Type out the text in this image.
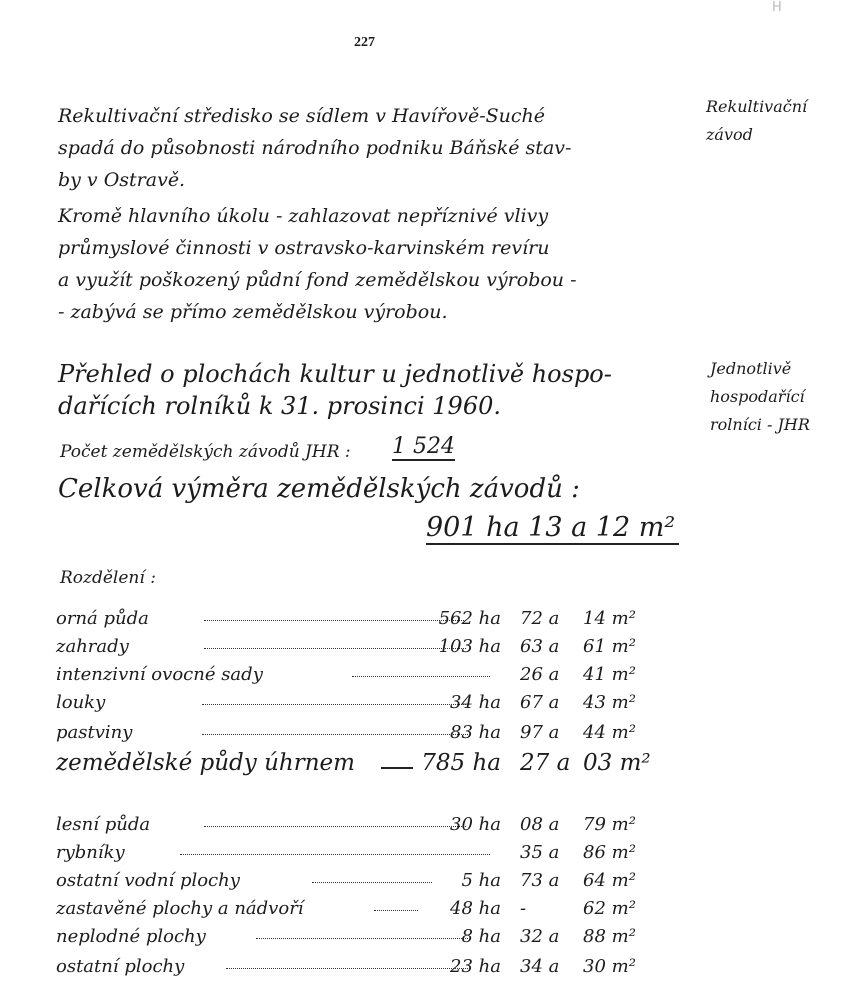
H
227
Rekultivační středisko se sídlem v Havířově-Suché
spadá do působnosti národního podniku Báňské stav-
by v Ostravě.
Kromě hlavního úkolu - zahlazovat nepříznivé vlivy
průmyslové činnosti v ostravsko-karvinském revíru
a využít poškozený půdní fond zemědělskou výrobou -
- zabývá se přímo zemědělskou výrobou.
Rekultivační
závod
Přehled o plochách kultur u jednotlivě hospo-
dařících rolníků k 31. prosinci 1960.
Jednotlivě
hospodařící
rolníci - JHR
Počet zemědělských závodů JHR : 1 524
Celková výměra zemědělských závodů :
901 ha 13 a 12 m²
Rozdělení :
orná půda	562 ha 72 a 14 m²
zahrady	103 ha 63 a 61 m²
intenzivní ovocné sady	26 a 41 m²
louky	34 ha 67 a 43 m²
pastviny	83 ha 97 a 44 m²
zemědělské půdy úhrnem	785 ha 27 a 03 m²
lesní půda	30 ha 08 a 79 m²
rybníky	35 a 86 m²
ostatní vodní plochy	5 ha 73 a 64 m²
zastavěné plochy a nádvoří	48 ha -	62 m²
neplodné plochy	8 ha 32 a 88 m²
ostatní plochy	23 ha 34 a 30 m²
